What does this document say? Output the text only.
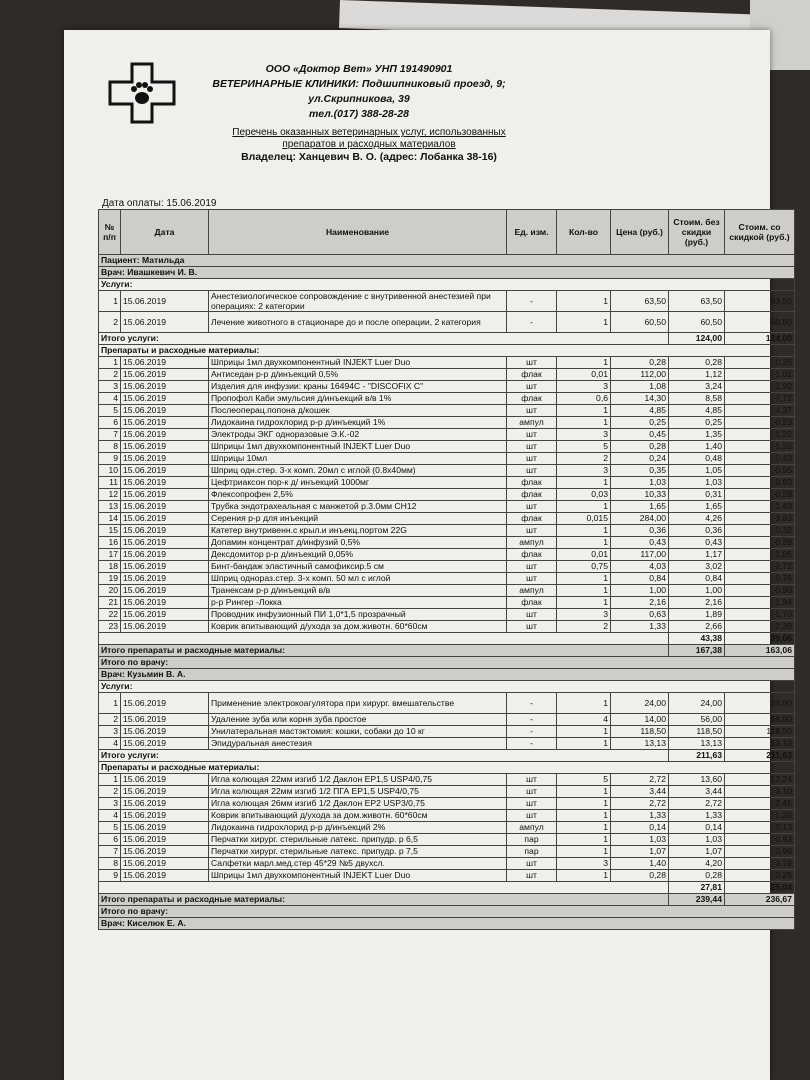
ООО «Доктор Вет» УНП 191490901
ВЕТЕРИНАРНЫЕ КЛИНИКИ: Подшипниковый проезд, 9;
ул.Скрипникова, 39
тел.(017) 388-28-28
Перечень оказанных ветеринарных услуг, использованных
препаратов и расходных материалов
Владелец: Ханцевич В. О. (адрес: Лобанка 38-16)
Дата оплаты: 15.06.2019
№ п/п	Дата	Наименование	Ед. изм.	Кол-во	Цена (руб.)	Стоим. без скидки (руб.)	Стоим. со скидкой (руб.)
Пациент: Матильда							
Врач: Ивашкевич И. В.							
Услуги:							
1	15.06.2019	Анестезиологическое сопровождение с внутривенной анестезией при операциях: 2 категории	-	1	63,50	63,50	63,50
2	15.06.2019	Лечение животного в стационаре до и после операции, 2 категория	-	1	60,50	60,50	60,50
Итого услуги:						124,00	124,00
Препараты и расходные материалы:							
1	15.06.2019	Шприцы 1мл двухкомпонентный INJEKT Luer Duo	шт	1	0,28	0,28	0,25
2	15.06.2019	Антиседан р-р д/инъекций 0,5%	флак	0,01	112,00	1,12	1,01
3	15.06.2019	Изделия для инфузии: краны 16494C - "DISCOFIX C"	шт	3	1,08	3,24	2,92
4	15.06.2019	Пропофол Каби эмульсия д/инъекций в/в 1%	флак	0,6	14,30	8,58	7,72
5	15.06.2019	Послеоперац.попона д/кошек	шт	1	4,85	4,85	4,37
6	15.06.2019	Лидокаина гидрохлорид р-р д/инъекций 1%	ампул	1	0,25	0,25	0,23
7	15.06.2019	Электроды ЭКГ одноразовые Э.К.-02	шт	3	0,45	1,35	1,22
8	15.06.2019	Шприцы 1мл двухкомпонентный INJEKT Luer Duo	шт	5	0,28	1,40	1,26
9	15.06.2019	Шприцы 10мл	шт	2	0,24	0,48	0,43
10	15.06.2019	Шприц одн.стер. 3-х комп. 20мл с иглой (0.8х40мм)	шт	3	0,35	1,05	0,95
11	15.06.2019	Цефтриаксон пор-к д/ инъекций 1000мг	флак	1	1,03	1,03	0,93
12	15.06.2019	Флексопрофен 2,5%	флак	0,03	10,33	0,31	0,28
13	15.06.2019	Трубка эндотрахеальная с манжетой р.3.0мм СН12	шт	1	1,65	1,65	1,49
14	15.06.2019	Серения р-р для инъекций	флак	0,015	284,00	4,26	3,83
15	15.06.2019	Катетер внутривенн.с крыл.и инъекц.портом 22G	шт	1	0,36	0,36	0,32
16	15.06.2019	Допамин концентрат д/инфузий 0,5%	ампул	1	0,43	0,43	0,39
17	15.06.2019	Дексдомитор р-р д/инъекций 0,05%	флак	0,01	117,00	1,17	1,05
18	15.06.2019	Бинт-бандаж эластичный самофиксир.5 см	шт	0,75	4,03	3,02	2,72
19	15.06.2019	Шприц однораз.стер. 3-х комп. 50 мл с иглой	шт	1	0,84	0,84	0,76
20	15.06.2019	Транексам р-р д/инъекций в/в	ампул	1	1,00	1,00	0,90
21	15.06.2019	р-р Рингер -Локка	флак	1	2,16	2,16	1,94
22	15.06.2019	Проводник инфузионный ПИ 1,0*1,5 прозрачный	шт	3	0,63	1,89	1,70
23	15.06.2019	Коврик впитывающий д/ухода за дом.животн. 60*60см	шт	2	1,33	2,66	2,39
						43,38	39,06
Итого препараты и расходные материалы:						167,38	163,06
Итого по врачу:							
Врач: Кузьмин В. А.							
Услуги:							
1	15.06.2019	Применение электрокоагулятора при хирург. вмешательстве	-	1	24,00	24,00	24,00
2	15.06.2019	Удаление зуба или корня зуба простое	-	4	14,00	56,00	56,00
3	15.06.2019	Унилатеральная мастэктомия: кошки, собаки до 10 кг	-	1	118,50	118,50	118,50
4	15.06.2019	Эпидуральная анестезия	-	1	13,13	13,13	13,13
Итого услуги:						211,63	211,63
Препараты и расходные материалы:							
1	15.06.2019	Игла колющая 22мм изгиб 1/2 Даклон EP1,5 USP4/0,75	шт	5	2,72	13,60	12,24
2	15.06.2019	Игла колющая 22мм изгиб 1/2 ПГА EP1,5 USP4/0,75	шт	1	3,44	3,44	3,10
3	15.06.2019	Игла колющая 26мм изгиб 1/2 Даклон EP2 USP3/0,75	шт	1	2,72	2,72	2,45
4	15.06.2019	Коврик впитывающий д/ухода за дом.животн. 60*60см	шт	1	1,33	1,33	1,20
5	15.06.2019	Лидокаина гидрохлорид р-р д/инъекций 2%	ампул	1	0,14	0,14	0,13
6	15.06.2019	Перчатки хирург. стерильные латекс. припудр. р 6,5	пар	1	1,03	1,03	0,93
7	15.06.2019	Перчатки хирург. стерильные латекс. припудр. р 7,5	пар	1	1,07	1,07	0,96
8	15.06.2019	Салфетки марл.мед.стер 45*29 №5 двухсл.	шт	3	1,40	4,20	3,78
9	15.06.2019	Шприцы 1мл двухкомпонентный INJEKT Luer Duo	шт	1	0,28	0,28	0,25
						27,81	25,04
Итого препараты и расходные материалы:						239,44	236,67
Итого по врачу:							
Врач: Киселюк Е. А.							
